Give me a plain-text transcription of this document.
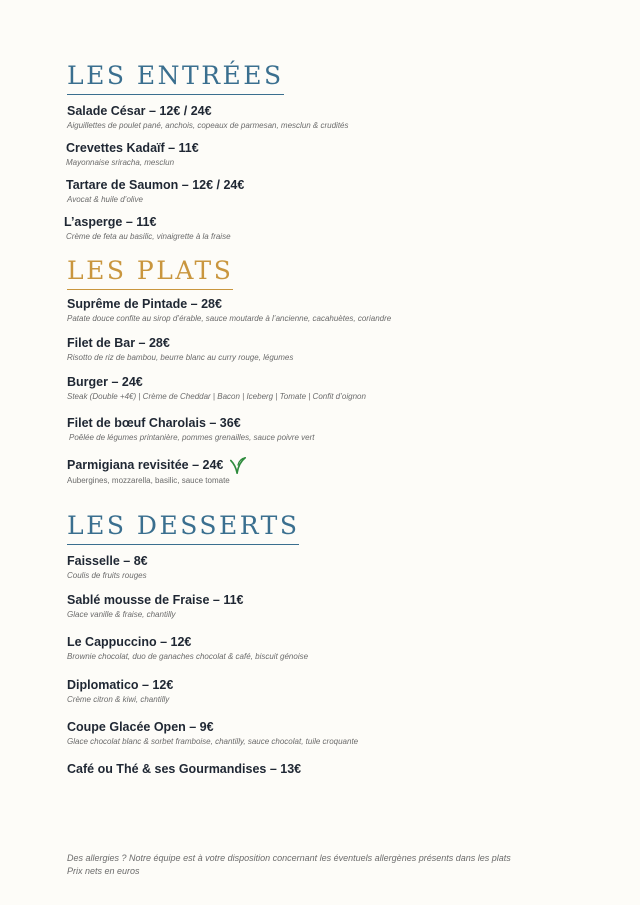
LES ENTRÉES
Salade César – 12€ / 24€
Aiguillettes de poulet pané, anchois, copeaux de parmesan, mesclun & crudités
Crevettes Kadaïf – 11€
Mayonnaise sriracha, mesclun
Tartare de Saumon – 12€ / 24€
Avocat & huile d’olive
L’asperge – 11€
Crème de feta au basilic, vinaigrette à la fraise
LES PLATS
Suprême de Pintade – 28€
Patate douce confite au sirop d’érable, sauce moutarde à l’ancienne, cacahuètes, coriandre
Filet de Bar – 28€
Risotto de riz de bambou, beurre blanc au curry rouge, légumes
Burger – 24€
Steak (Double +4€) | Crème de Cheddar | Bacon | Iceberg | Tomate | Confit d’oignon
Filet de bœuf Charolais – 36€
Poêlée de légumes printanière, pommes grenailles, sauce poivre vert
Parmigiana revisitée – 24€
Aubergines, mozzarella, basilic, sauce tomate
LES DESSERTS
Faisselle – 8€
Coulis de fruits rouges
Sablé mousse de Fraise – 11€
Glace vanille & fraise, chantilly
Le Cappuccino – 12€
Brownie chocolat, duo de ganaches chocolat & café, biscuit génoise
Diplomatico – 12€
Crème citron & kiwi, chantilly
Coupe Glacée Open – 9€
Glace chocolat blanc & sorbet framboise, chantilly, sauce chocolat, tuile croquante
Café ou Thé & ses Gourmandises – 13€
Des allergies ? Notre équipe est à votre disposition concernant les éventuels allergènes présents dans les plats
Prix nets en euros
